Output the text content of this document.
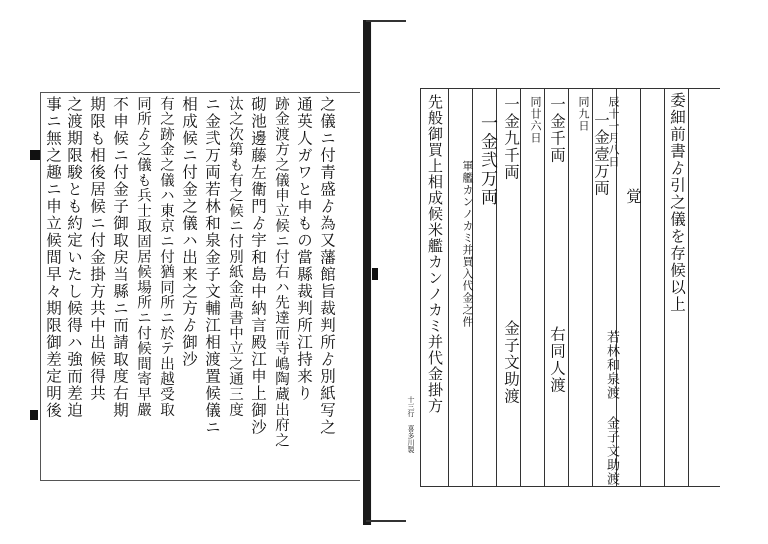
之儀ニ付青盛ゟ為又藩館旨裁判所ゟ別紙写之
通英人ガワと申もの當縣裁判所江持来り
跡金渡方之儀申立候ニ付右ハ先達而寺嶋陶蔵出府之
砌池邊藤左衛門ゟ宇和島中納言殿江申上御沙
汰之次第も有之候ニ付別紙金高書中立之通三度
ニ金弐万両若林和泉金子文輔江相渡置候儀ニ
相成候ニ付金之儀ハ出来之方ゟ御沙
有之跡金之儀ハ東京ニ付猶同所ニ於テ出越受取
同所ゟ之儀も兵士取固居候場所ニ付候間寄早嚴
不申候ニ付金子御取戻当縣ニ而請取度右期
期限も相後居候ニ付金掛方共中出候得共
之渡期限駿とも約定いたし候得ハ強而差迫
事ニ無之趣ニ申立候間早々期限御差定明後	委細前書ゟ引之儀を存候以上
覚
辰十一月八日
一金壹万両
若林和泉渡 金子文助渡
同九日
一金千両
右同人渡
同廿六日
一金九千両
金子文助渡
一金弐万両
軍艦カンノカミ并買入代金之件
先般御買上相成候米艦カンノカミ并代金掛方
十三行 喜多川製
